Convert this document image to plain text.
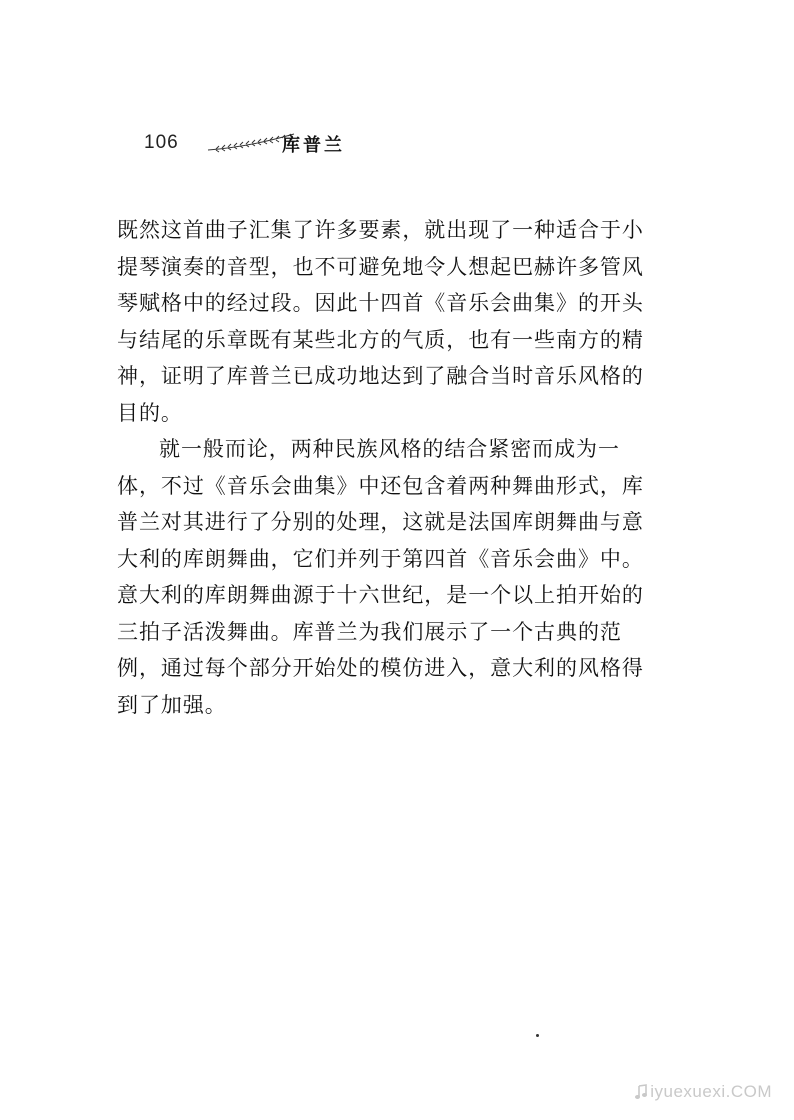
106	库普兰

既然这首曲子汇集了许多要素，就出现了一种适合于小
提琴演奏的音型，也不可避免地令人想起巴赫许多管风
琴赋格中的经过段。因此十四首《音乐会曲集》的开头
与结尾的乐章既有某些北方的气质，也有一些南方的精
神，证明了库普兰已成功地达到了融合当时音乐风格的
目的。

就一般而论，两种民族风格的结合紧密而成为一
体，不过《音乐会曲集》中还包含着两种舞曲形式，库
普兰对其进行了分别的处理，这就是法国库朗舞曲与意
大利的库朗舞曲，它们并列于第四首《音乐会曲》中。
意大利的库朗舞曲源于十六世纪，是一个以上拍开始的
三拍子活泼舞曲。库普兰为我们展示了一个古典的范
例，通过每个部分开始处的模仿进入，意大利的风格得
到了加强。

iyuexuexi.COM
